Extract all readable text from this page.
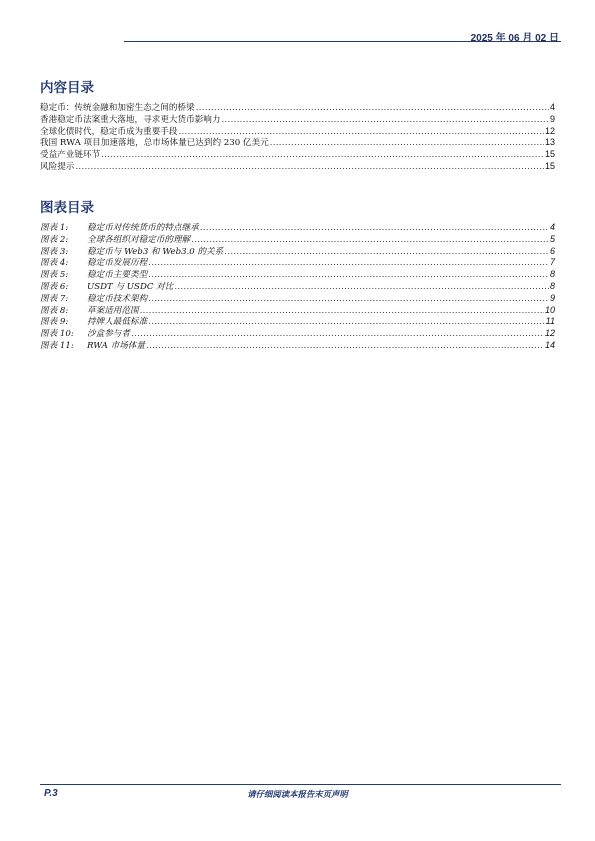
2025 年 06 月 02 日
内容目录
稳定币：传统金融和加密生态之间的桥梁 .....	4
香港稳定币法案重大落地，寻求更大货币影响力 .....	9
全球化债时代，稳定币成为重要手段 .....	12
我国 RWA 项目加速落地，总市场体量已达到约 230 亿美元 .....	13
受益产业链环节 .....	15
风险提示 .....	15
图表目录
图表 1: 稳定币对传统货币的特点继承 .....	4
图表 2: 全球各组织对稳定币的理解 .....	5
图表 3: 稳定币与 Web3 和 Web3.0 的关系 .....	6
图表 4: 稳定币发展历程 .....	7
图表 5: 稳定币主要类型 .....	8
图表 6: USDT 与 USDC 对比 .....	8
图表 7: 稳定币技术架构 .....	9
图表 8: 草案适用范围 .....	10
图表 9: 持牌人最低标准 .....	11
图表 10: 沙盒参与者 .....	12
图表 11: RWA 市场体量 .....	14
P.3	请仔细阅读本报告末页声明
